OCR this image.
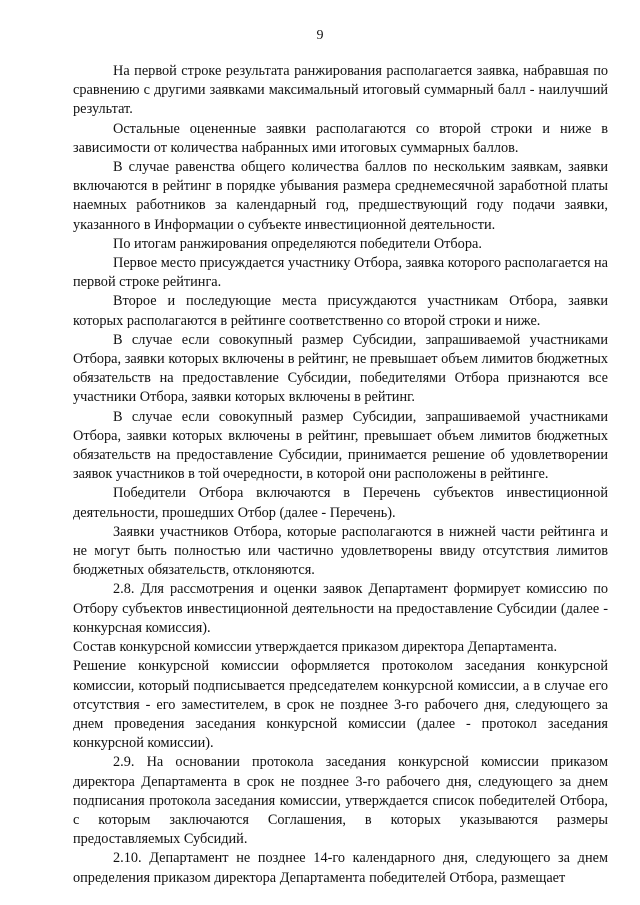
9

На первой строке результата ранжирования располагается заявка, набравшая по сравнению с другими заявками максимальный итоговый суммарный балл - наилучший результат.

Остальные оцененные заявки располагаются со второй строки и ниже в зависимости от количества набранных ими итоговых суммарных баллов.

В случае равенства общего количества баллов по нескольким заявкам, заявки включаются в рейтинг в порядке убывания размера среднемесячной заработной платы наемных работников за календарный год, предшествующий году подачи заявки, указанного в Информации о субъекте инвестиционной деятельности.

По итогам ранжирования определяются победители Отбора.

Первое место присуждается участнику Отбора, заявка которого располагается на первой строке рейтинга.

Второе и последующие места присуждаются участникам Отбора, заявки которых располагаются в рейтинге соответственно со второй строки и ниже.

В случае если совокупный размер Субсидии, запрашиваемой участниками Отбора, заявки которых включены в рейтинг, не превышает объем лимитов бюджетных обязательств на предоставление Субсидии, победителями Отбора признаются все участники Отбора, заявки которых включены в рейтинг.

В случае если совокупный размер Субсидии, запрашиваемой участниками Отбора, заявки которых включены в рейтинг, превышает объем лимитов бюджетных обязательств на предоставление Субсидии, принимается решение об удовлетворении заявок участников в той очередности, в которой они расположены в рейтинге.

Победители Отбора включаются в Перечень субъектов инвестиционной деятельности, прошедших Отбор (далее - Перечень).

Заявки участников Отбора, которые располагаются в нижней части рейтинга и не могут быть полностью или частично удовлетворены ввиду отсутствия лимитов бюджетных обязательств, отклоняются.

2.8. Для рассмотрения и оценки заявок Департамент формирует комиссию по Отбору субъектов инвестиционной деятельности на предоставление Субсидии (далее - конкурсная комиссия).

Состав конкурсной комиссии утверждается приказом директора Департамента.

Решение конкурсной комиссии оформляется протоколом заседания конкурсной комиссии, который подписывается председателем конкурсной комиссии, а в случае его отсутствия - его заместителем, в срок не позднее 3-го рабочего дня, следующего за днем проведения заседания конкурсной комиссии (далее - протокол заседания конкурсной комиссии).

2.9. На основании протокола заседания конкурсной комиссии приказом директора Департамента в срок не позднее 3-го рабочего дня, следующего за днем подписания протокола заседания комиссии, утверждается список победителей Отбора, с которым заключаются Соглашения, в которых указываются размеры предоставляемых Субсидий.

2.10. Департамент не позднее 14-го календарного дня, следующего за днем определения приказом директора Департамента победителей Отбора, размещает
